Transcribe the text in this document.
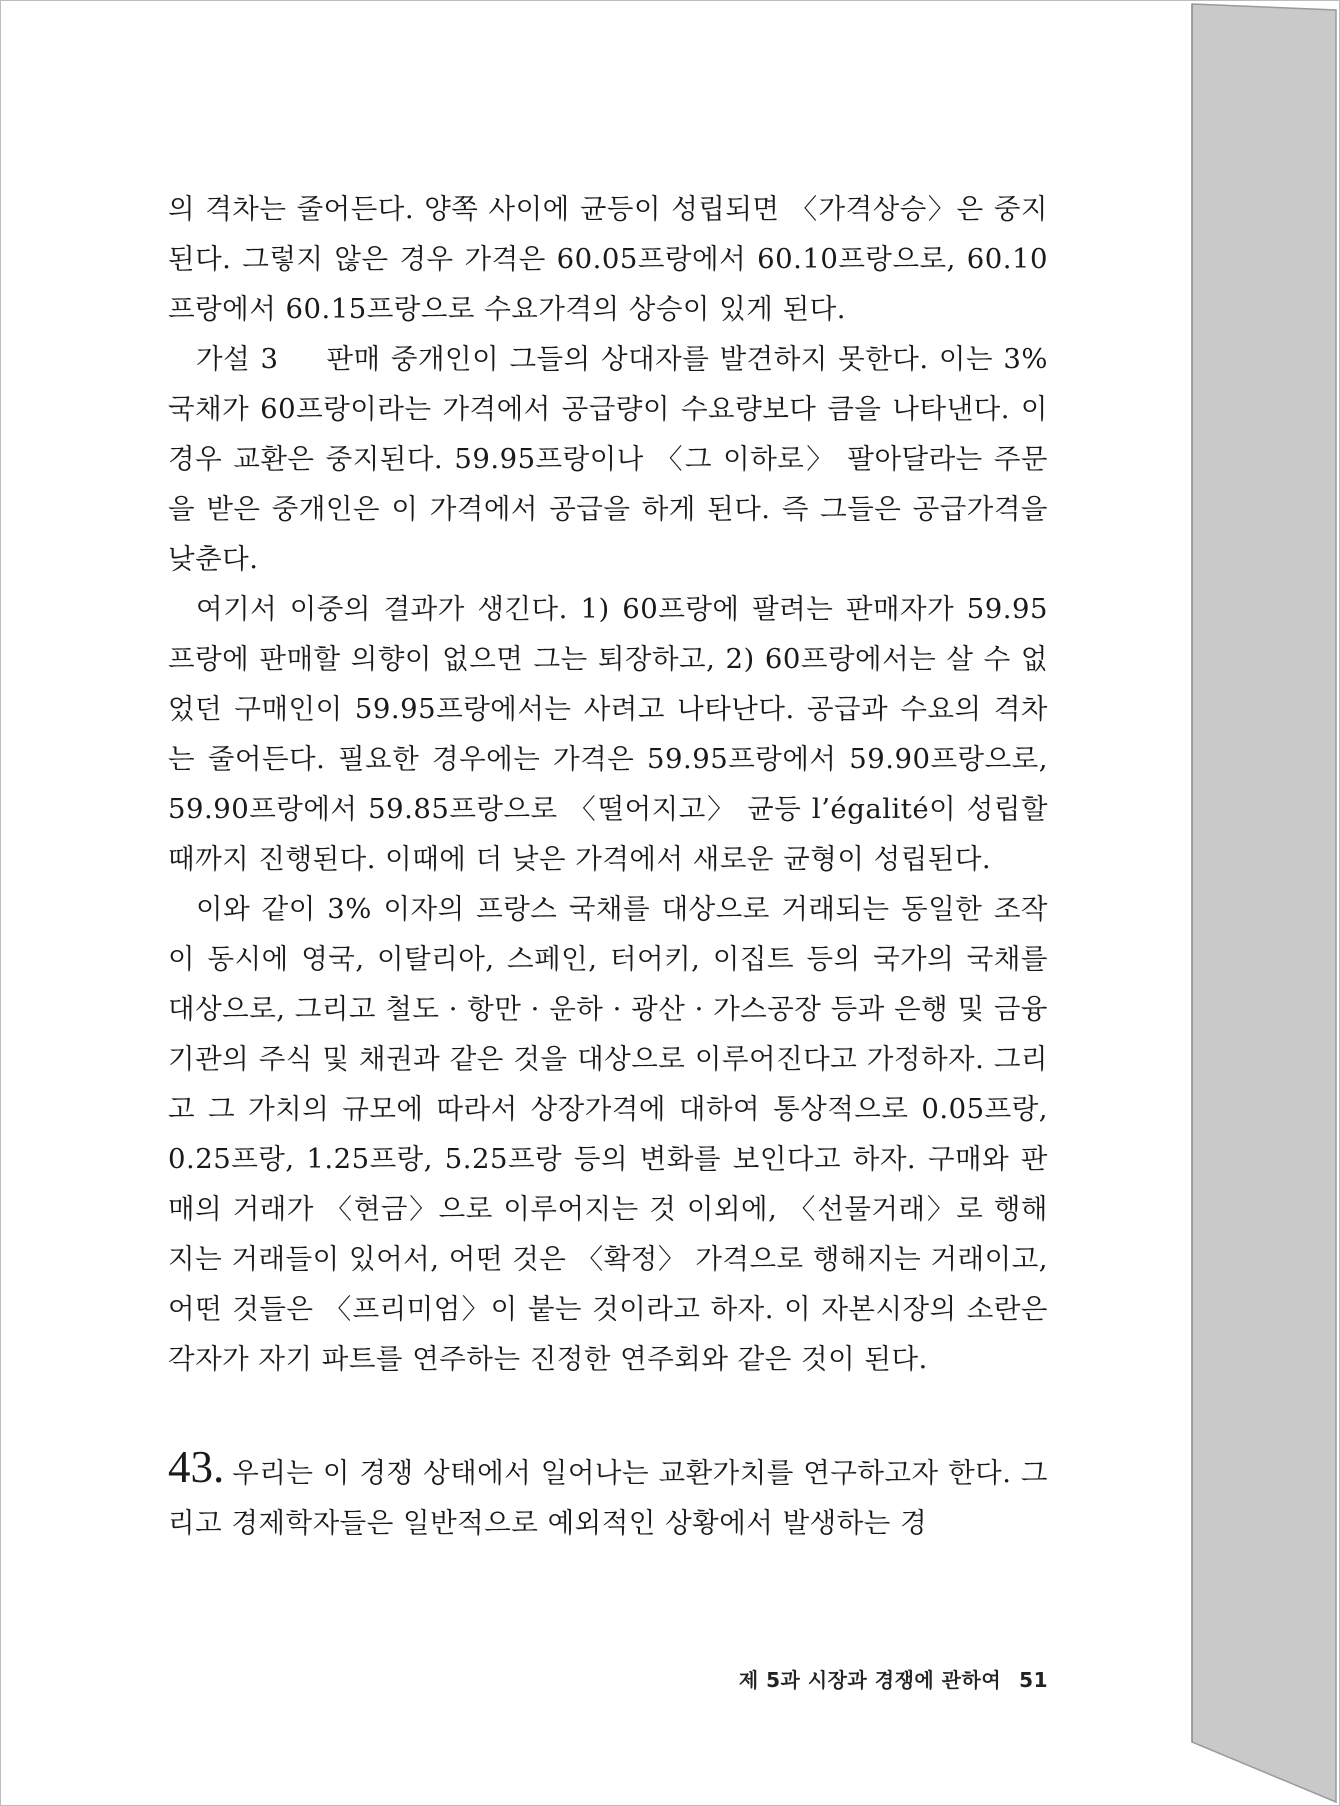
의 격차는 줄어든다. 양쪽 사이에 균등이 성립되면 〈가격상승〉은 중지된다. 그렇지 않은 경우 가격은 60.05프랑에서 60.10프랑으로, 60.10프랑에서 60.15프랑으로 수요가격의 상승이 있게 된다.

가설 3 판매 중개인이 그들의 상대자를 발견하지 못한다. 이는 3%국채가 60프랑이라는 가격에서 공급량이 수요량보다 큼을 나타낸다. 이 경우 교환은 중지된다. 59.95프랑이나 〈그 이하로〉 팔아달라는 주문을 받은 중개인은 이 가격에서 공급을 하게 된다. 즉 그들은 공급가격을 낮춘다.

여기서 이중의 결과가 생긴다. 1) 60프랑에 팔려는 판매자가 59.95프랑에 판매할 의향이 없으면 그는 퇴장하고, 2) 60프랑에서는 살 수 없었던 구매인이 59.95프랑에서는 사려고 나타난다. 공급과 수요의 격차는 줄어든다. 필요한 경우에는 가격은 59.95프랑에서 59.90프랑으로, 59.90프랑에서 59.85프랑으로 〈떨어지고〉 균등 l’égalité이 성립할 때까지 진행된다. 이때에 더 낮은 가격에서 새로운 균형이 성립된다.

이와 같이 3% 이자의 프랑스 국채를 대상으로 거래되는 동일한 조작이 동시에 영국, 이탈리아, 스페인, 터어키, 이집트 등의 국가의 국채를 대상으로, 그리고 철도 · 항만 · 운하 · 광산 · 가스공장 등과 은행 및 금융기관의 주식 및 채권과 같은 것을 대상으로 이루어진다고 가정하자. 그리고 그 가치의 규모에 따라서 상장가격에 대하여 통상적으로 0.05프랑, 0.25프랑, 1.25프랑, 5.25프랑 등의 변화를 보인다고 하자. 구매와 판매의 거래가 〈현금〉으로 이루어지는 것 이외에, 〈선물거래〉로 행해지는 거래들이 있어서, 어떤 것은 〈확정〉 가격으로 행해지는 거래이고, 어떤 것들은 〈프리미엄〉이 붙는 것이라고 하자. 이 자본시장의 소란은 각자가 자기 파트를 연주하는 진정한 연주회와 같은 것이 된다.

43. 우리는 이 경쟁 상태에서 일어나는 교환가치를 연구하고자 한다. 그리고 경제학자들은 일반적으로 예외적인 상황에서 발생하는 경

제 5과 시장과 경쟁에 관하여 51
